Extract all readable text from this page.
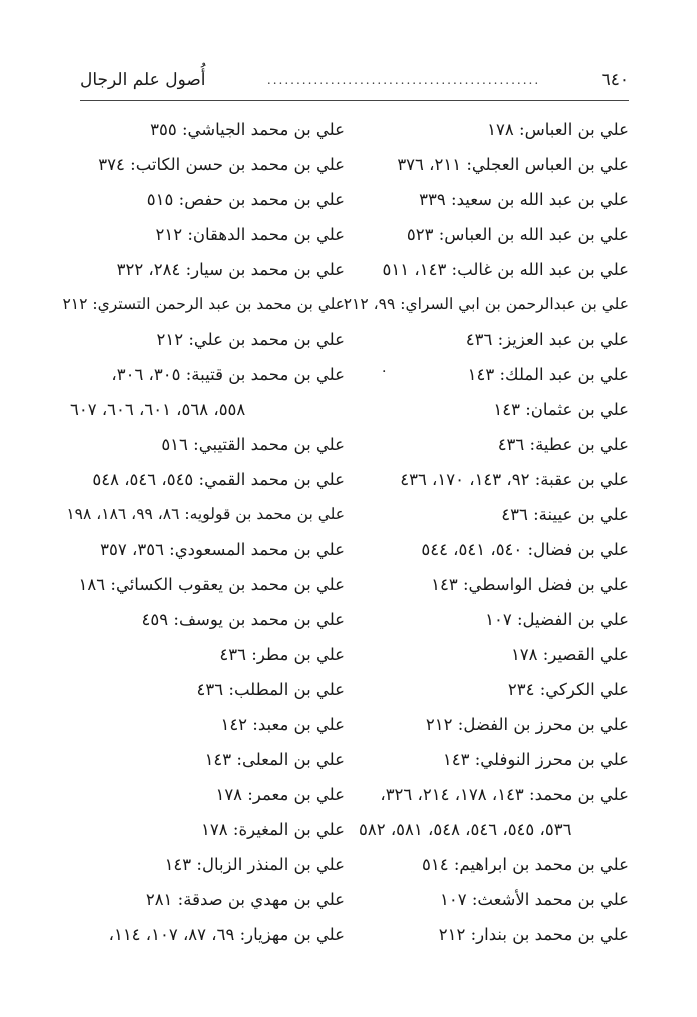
٦٤٠
...............................................
أُصول علم الرجال
.
علي بن العباس: ١٧٨
علي بن العباس العجلي: ٢١١، ٣٧٦
علي بن عبد الله بن سعيد: ٣٣٩
علي بن عبد الله بن العباس: ٥٢٣
علي بن عبد الله بن غالب: ١٤٣، ٥١١
علي بن عبدالرحمن بن ابي السراي: ٩٩، ٢١٢
علي بن عبد العزيز: ٤٣٦
علي بن عبد الملك: ١٤٣
علي بن عثمان: ١٤٣
علي بن عطية: ٤٣٦
علي بن عقبة: ٩٢، ١٤٣، ١٧٠، ٤٣٦
علي بن عيينة: ٤٣٦
علي بن فضال: ٥٤٠، ٥٤١، ٥٤٤
علي بن فضل الواسطي: ١٤٣
علي بن الفضيل: ١٠٧
علي القصير: ١٧٨
علي الكركي: ٢٣٤
علي بن محرز بن الفضل: ٢١٢
علي بن محرز النوفلي: ١٤٣
علي بن محمد: ١٤٣، ١٧٨، ٢١٤، ٣٢٦،
٥٣٦، ٥٤٥، ٥٤٦، ٥٤٨، ٥٨١، ٥٨٢
علي بن محمد بن ابراهيم: ٥١٤
علي بن محمد الأشعث: ١٠٧
علي بن محمد بن بندار: ٢١٢
علي بن محمد الجياشي: ٣٥٥
علي بن محمد بن حسن الكاتب: ٣٧٤
علي بن محمد بن حفص: ٥١٥
علي بن محمد الدهقان: ٢١٢
علي بن محمد بن سيار: ٢٨٤، ٣٢٢
علي بن محمد بن عبد الرحمن التستري: ٢١٢
علي بن محمد بن علي: ٢١٢
علي بن محمد بن قتيبة: ٣٠٥، ٣٠٦،
٥٥٨، ٥٦٨، ٦٠١، ٦٠٦، ٦٠٧
علي بن محمد القتيبي: ٥١٦
علي بن محمد القمي: ٥٤٥، ٥٤٦، ٥٤٨
علي بن محمد بن قولويه: ٨٦، ٩٩، ١٨٦، ١٩٨
علي بن محمد المسعودي: ٣٥٦، ٣٥٧
علي بن محمد بن يعقوب الكسائي: ١٨٦
علي بن محمد بن يوسف: ٤٥٩
علي بن مطر: ٤٣٦
علي بن المطلب: ٤٣٦
علي بن معبد: ١٤٢
علي بن المعلى: ١٤٣
علي بن معمر: ١٧٨
علي بن المغيرة: ١٧٨
علي بن المنذر الزبال: ١٤٣
علي بن مهدي بن صدقة: ٢٨١
علي بن مهزيار: ٦٩، ٨٧، ١٠٧، ١١٤،
